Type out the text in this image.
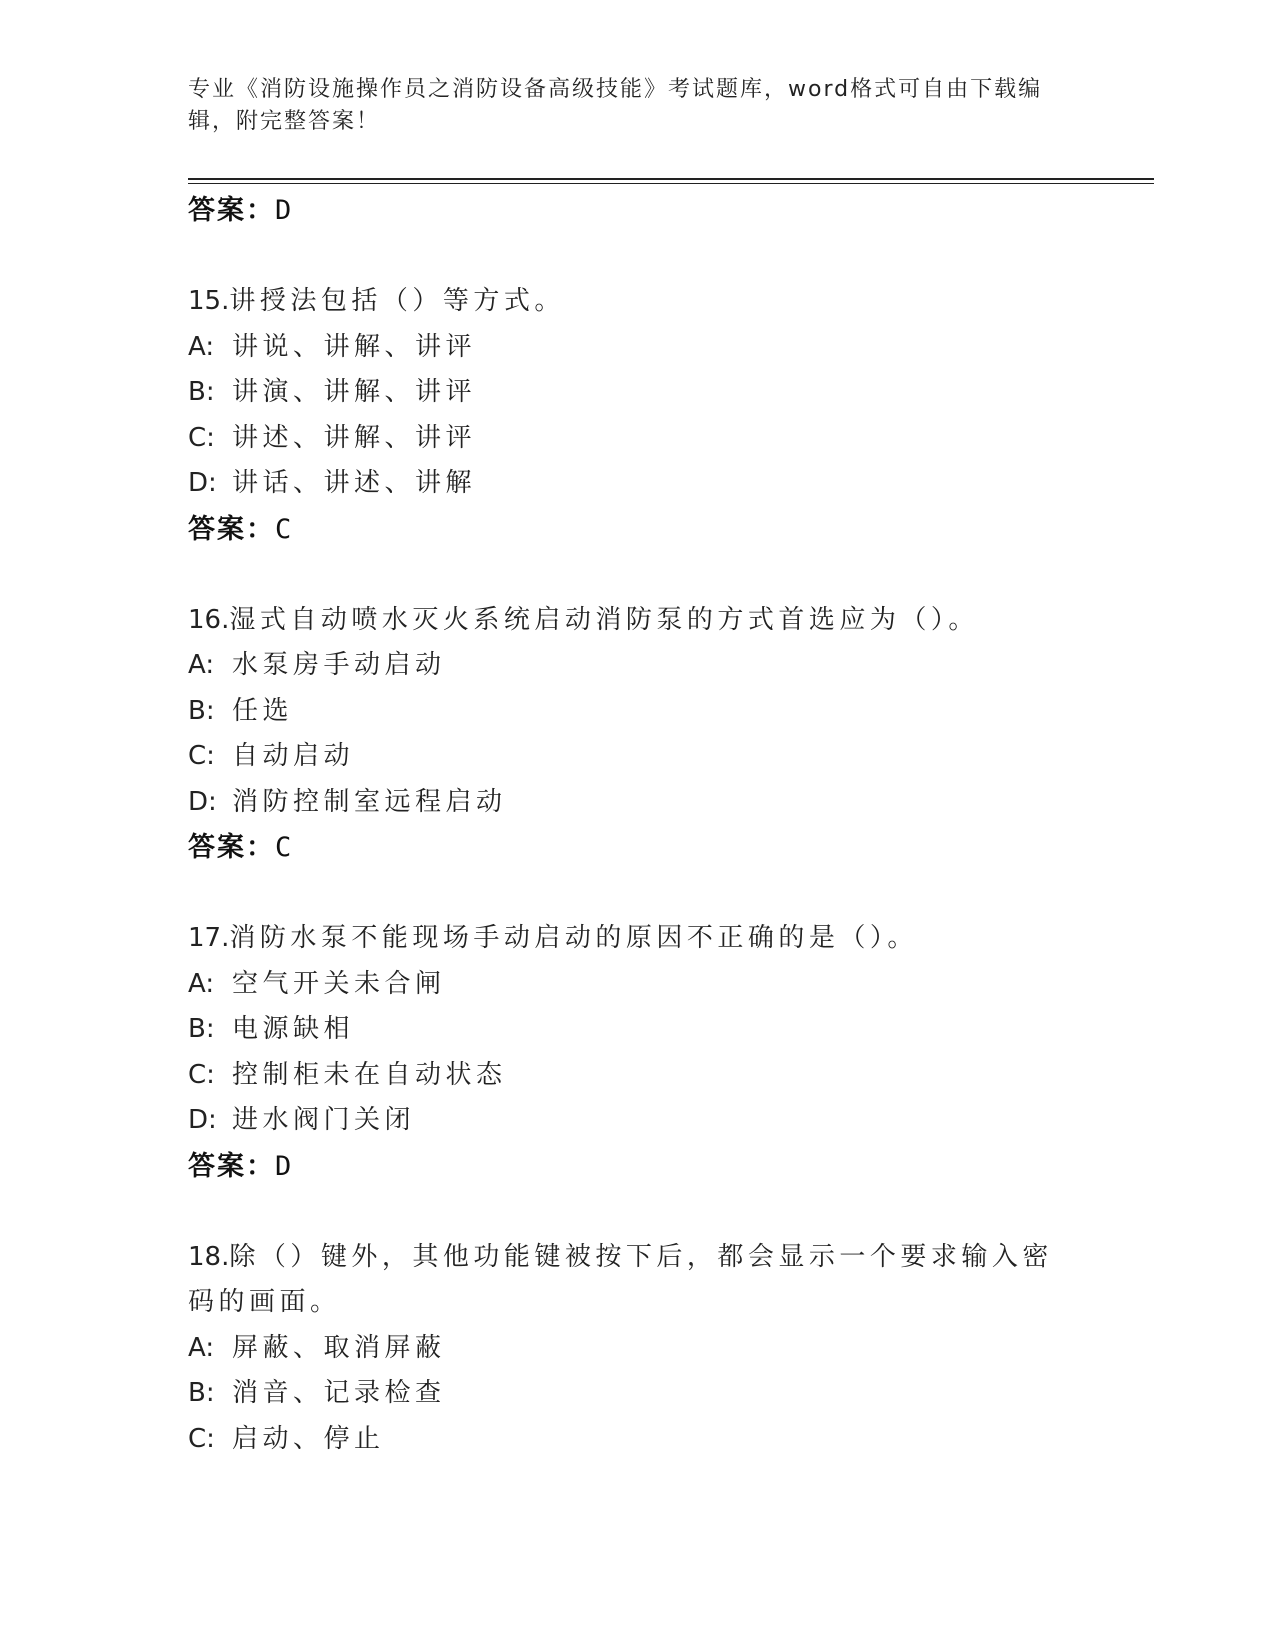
专业《消防设施操作员之消防设备高级技能》考试题库，word格式可自由下载编辑，附完整答案！
答案：D
15.讲授法包括（）等方式。
A: 讲说、讲解、讲评
B: 讲演、讲解、讲评
C: 讲述、讲解、讲评
D: 讲话、讲述、讲解
答案：C
16.湿式自动喷水灭火系统启动消防泵的方式首选应为（）。
A: 水泵房手动启动
B: 任选
C: 自动启动
D: 消防控制室远程启动
答案：C
17.消防水泵不能现场手动启动的原因不正确的是（）。
A: 空气开关未合闸
B: 电源缺相
C: 控制柜未在自动状态
D: 进水阀门关闭
答案：D
18.除（）键外，其他功能键被按下后，都会显示一个要求输入密码的画面。
A: 屏蔽、取消屏蔽
B: 消音、记录检查
C: 启动、停止
